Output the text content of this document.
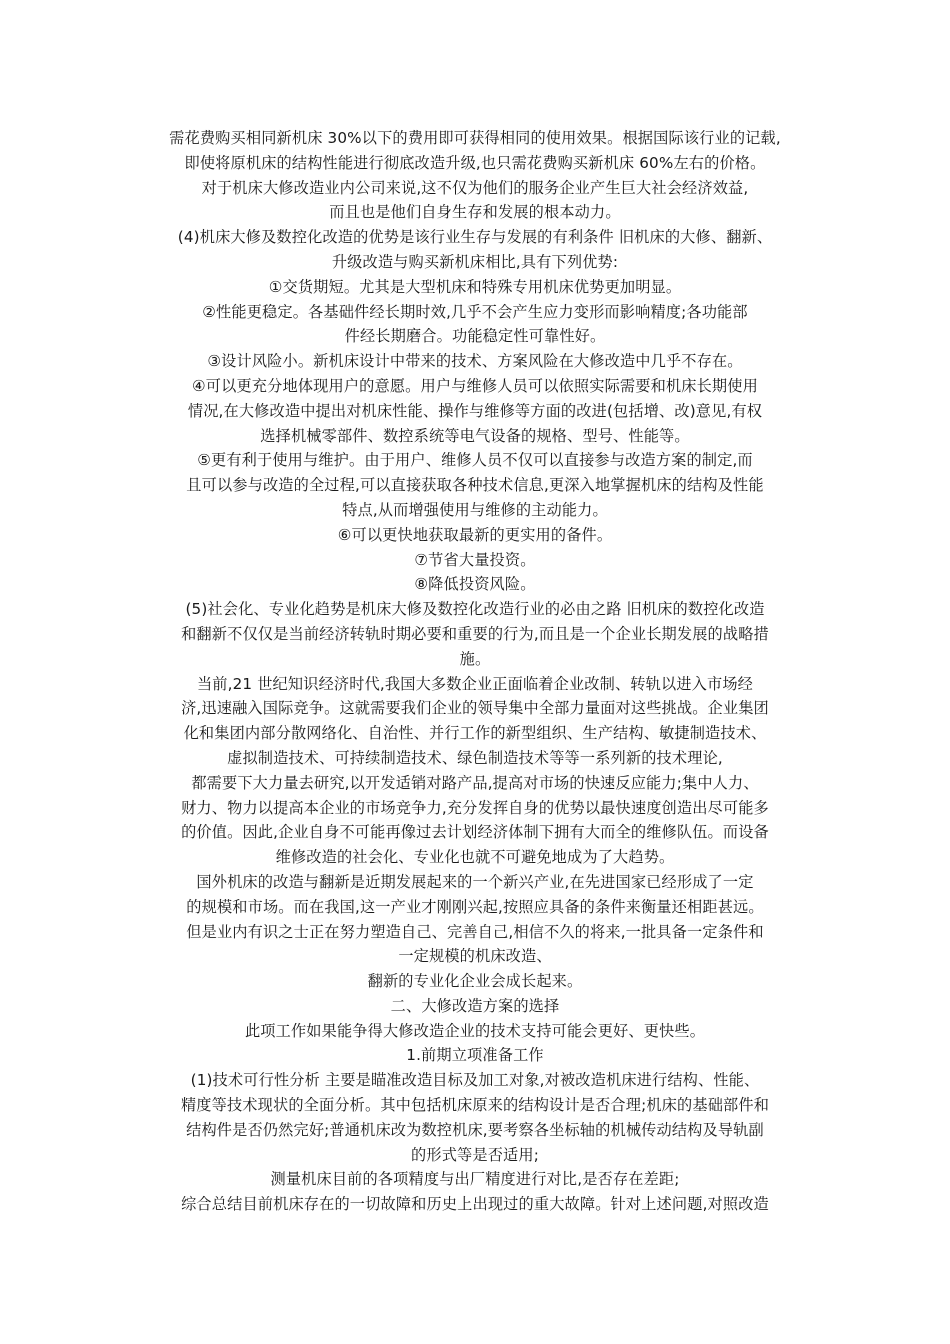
需花费购买相同新机床 30%以下的费用即可获得相同的使用效果。根据国际该行业的记载,
即使将原机床的结构性能进行彻底改造升级,也只需花费购买新机床 60%左右的价格。
对于机床大修改造业内公司来说,这不仅为他们的服务企业产生巨大社会经济效益,
而且也是他们自身生存和发展的根本动力。
(4)机床大修及数控化改造的优势是该行业生存与发展的有利条件 旧机床的大修、翻新、
升级改造与购买新机床相比,具有下列优势:
①交货期短。尤其是大型机床和特殊专用机床优势更加明显。
②性能更稳定。各基础件经长期时效,几乎不会产生应力变形而影响精度;各功能部
件经长期磨合。功能稳定性可靠性好。
③设计风险小。新机床设计中带来的技术、方案风险在大修改造中几乎不存在。
④可以更充分地体现用户的意愿。用户与维修人员可以依照实际需要和机床长期使用
情况,在大修改造中提出对机床性能、操作与维修等方面的改进(包括增、改)意见,有权
选择机械零部件、数控系统等电气设备的规格、型号、性能等。
⑤更有利于使用与维护。由于用户、维修人员不仅可以直接参与改造方案的制定,而
且可以参与改造的全过程,可以直接获取各种技术信息,更深入地掌握机床的结构及性能
特点,从而增强使用与维修的主动能力。
⑥可以更快地获取最新的更实用的备件。
⑦节省大量投资。
⑧降低投资风险。
(5)社会化、专业化趋势是机床大修及数控化改造行业的必由之路 旧机床的数控化改造
和翻新不仅仅是当前经济转轨时期必要和重要的行为,而且是一个企业长期发展的战略措
施。
当前,21 世纪知识经济时代,我国大多数企业正面临着企业改制、转轨以进入市场经
济,迅速融入国际竞争。这就需要我们企业的领导集中全部力量面对这些挑战。企业集团
化和集团内部分散网络化、自治性、并行工作的新型组织、生产结构、敏捷制造技术、
虚拟制造技术、可持续制造技术、绿色制造技术等等一系列新的技术理论,
都需要下大力量去研究,以开发适销对路产品,提高对市场的快速反应能力;集中人力、
财力、物力以提高本企业的市场竞争力,充分发挥自身的优势以最快速度创造出尽可能多
的价值。因此,企业自身不可能再像过去计划经济体制下拥有大而全的维修队伍。而设备
维修改造的社会化、专业化也就不可避免地成为了大趋势。
国外机床的改造与翻新是近期发展起来的一个新兴产业,在先进国家已经形成了一定
的规模和市场。而在我国,这一产业才刚刚兴起,按照应具备的条件来衡量还相距甚远。
但是业内有识之士正在努力塑造自己、完善自己,相信不久的将来,一批具备一定条件和
一定规模的机床改造、
翻新的专业化企业会成长起来。
二、大修改造方案的选择
此项工作如果能争得大修改造企业的技术支持可能会更好、更快些。
1.前期立项准备工作
(1)技术可行性分析 主要是瞄准改造目标及加工对象,对被改造机床进行结构、性能、
精度等技术现状的全面分析。其中包括机床原来的结构设计是否合理;机床的基础部件和
结构件是否仍然完好;普通机床改为数控机床,要考察各坐标轴的机械传动结构及导轨副
的形式等是否适用;
测量机床目前的各项精度与出厂精度进行对比,是否存在差距;
综合总结目前机床存在的一切故障和历史上出现过的重大故障。针对上述问题,对照改造
